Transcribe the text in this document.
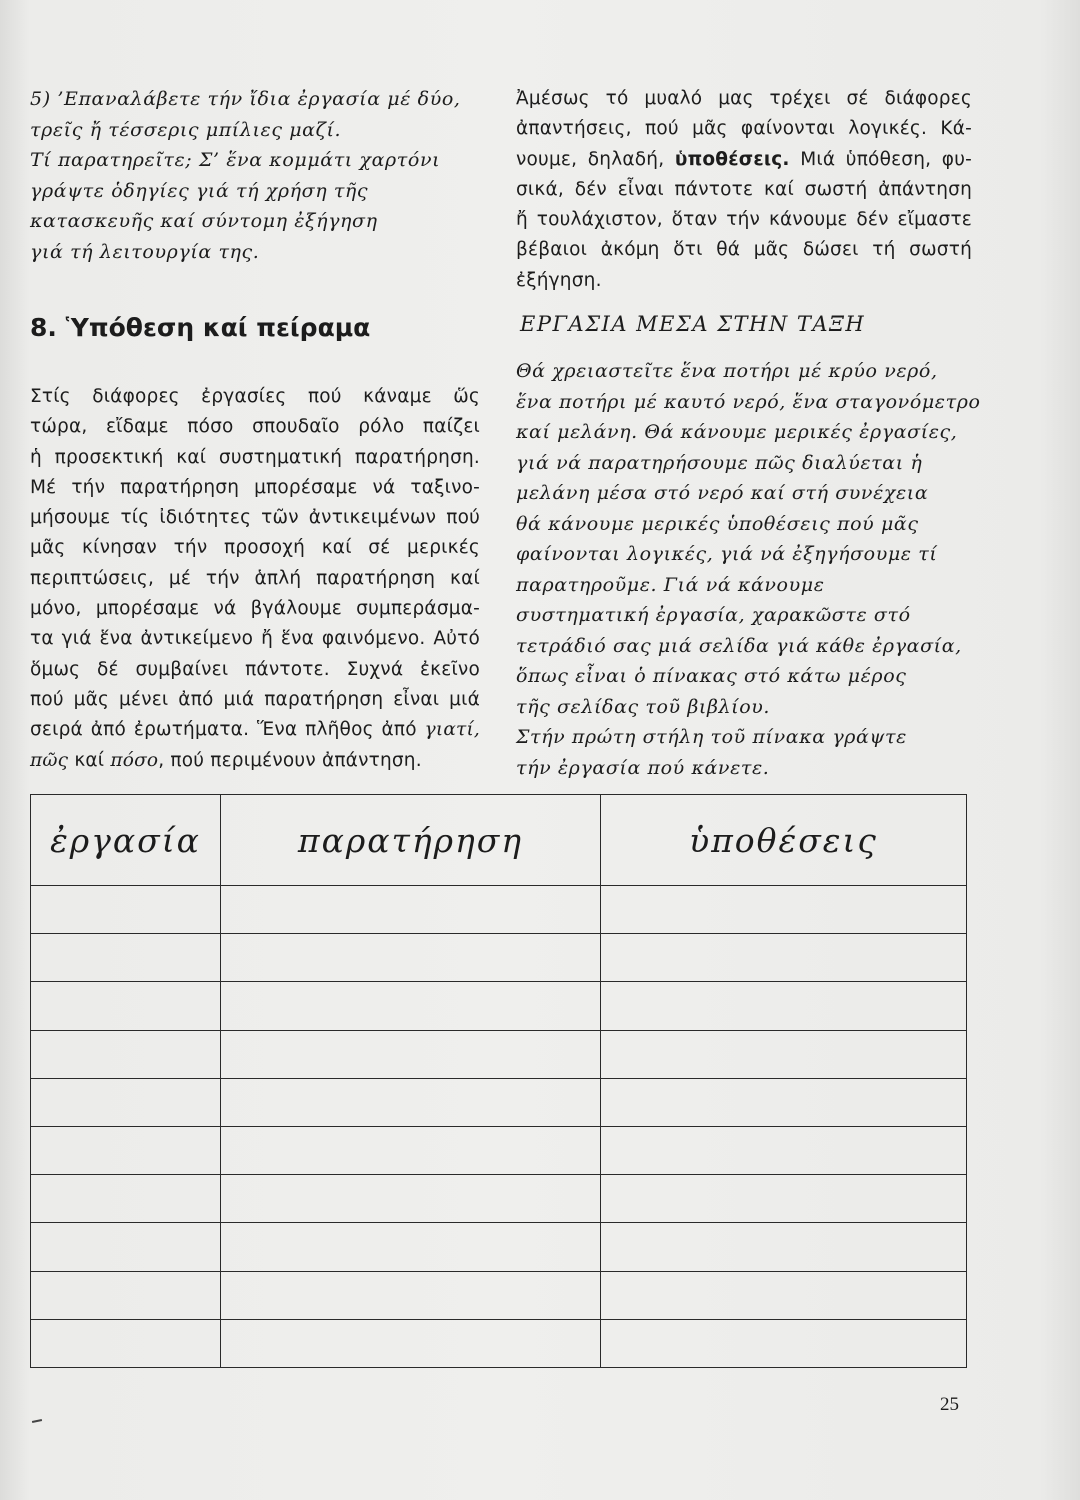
5) ’Επαναλάβετε τήν ἴδια ἐργασία μέ δύο,

τρεῖς ἤ τέσσερις μπίλιες μαζί.

Τί παρατηρεῖτε; Σ’ ἕνα κομμάτι χαρτόνι

γράψτε ὁδηγίες γιά τή χρήση τῆς

κατασκευῆς καί σύντομη ἐξήγηση

γιά τή λειτουργία της.

8. Ὑπόθεση καί πείραμα
Στίς διάφορες ἐργασίες πού κάναμε ὥς
τώρα, εἴδαμε πόσο σπουδαῖο ρόλο παίζει
ἡ προσεκτική καί συστηματική παρατήρηση.
Μέ τήν παρατήρηση μπορέσαμε νά ταξινο-
μήσουμε τίς ἰδιότητες τῶν ἀντικειμένων πού
μᾶς κίνησαν τήν προσοχή καί σέ μερικές
περιπτώσεις, μέ τήν ἁπλή παρατήρηση καί
μόνο, μπορέσαμε νά βγάλουμε συμπεράσμα-
τα γιά ἕνα ἀντικείμενο ἤ ἕνα φαινόμενο. Αὐτό
ὅμως δέ συμβαίνει πάντοτε. Συχνά ἐκεῖνο
πού μᾶς μένει ἀπό μιά παρατήρηση εἶναι μιά
σειρά ἀπό ἐρωτήματα. Ἕνα πλῆθος ἀπό γιατί,
πῶς καί πόσο, πού περιμένουν ἀπάντηση.
Ἀμέσως τό μυαλό μας τρέχει σέ διάφορες
ἀπαντήσεις, πού μᾶς φαίνονται λογικές. Κά-
νουμε, δηλαδή, ὑποθέσεις. Μιά ὑπόθεση, φυ-
σικά, δέν εἶναι πάντοτε καί σωστή ἀπάντηση
ἤ τουλάχιστον, ὅταν τήν κάνουμε δέν εἴμαστε
βέβαιοι ἀκόμη ὅτι θά μᾶς δώσει τή σωστή
ἐξήγηση.
ΕΡΓΑΣΙΑ ΜΕΣΑ ΣΤΗΝ ΤΑΞΗ
Θά χρειαστεῖτε ἕνα ποτήρι μέ κρύο νερό,
ἕνα ποτήρι μέ καυτό νερό, ἕνα σταγονόμετρο
καί μελάνη. Θά κάνουμε μερικές ἐργασίες,
γιά νά παρατηρήσουμε πῶς διαλύεται ἡ
μελάνη μέσα στό νερό καί στή συνέχεια
θά κάνουμε μερικές ὑποθέσεις πού μᾶς
φαίνονται λογικές, γιά νά ἐξηγήσουμε τί
παρατηροῦμε. Γιά νά κάνουμε
συστηματική ἐργασία, χαρακῶστε στό
τετράδιό σας μιά σελίδα γιά κάθε ἐργασία,
ὅπως εἶναι ὁ πίνακας στό κάτω μέρος
τῆς σελίδας τοῦ βιβλίου.
Στήν πρώτη στήλη τοῦ πίνακα γράψτε
τήν ἐργασία πού κάνετε.
ἐργασία	παρατήρηση	ὑποθέσεις

25
